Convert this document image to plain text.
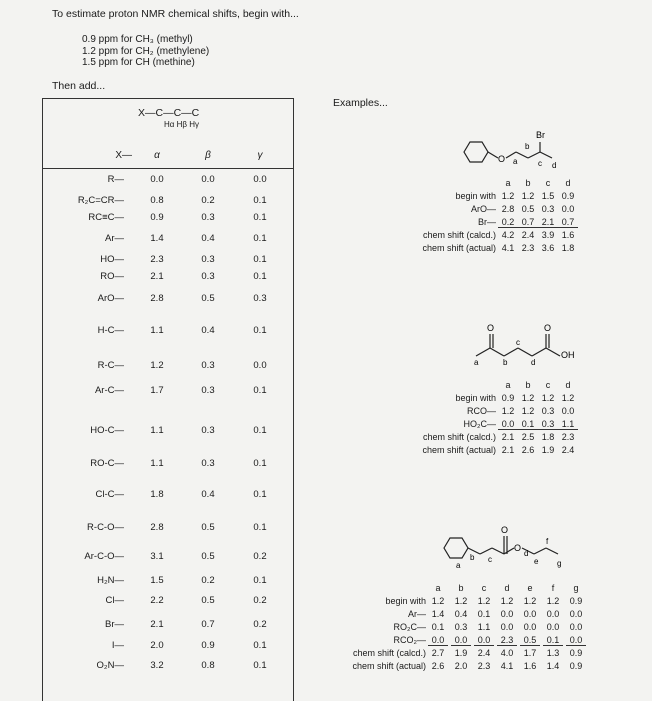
To estimate proton NMR chemical shifts, begin with...
0.9 ppm for CH₃ (methyl)
1.2 ppm for CH₂ (methylene)
1.5 ppm for CH (methine)
Then add...
X—C—C—C
Hα Hβ Hγ
X—	α	β	γ
R—	0.0	0.0	0.0
R₂C=CR—	0.8	0.2	0.1
RC≡C—	0.9	0.3	0.1
Ar—	1.4	0.4	0.1
HO—	2.3	0.3	0.1
RO—	2.1	0.3	0.1
ArO—	2.8	0.5	0.3
H-C—	1.1	0.4	0.1
R-C—	1.2	0.3	0.0
Ar-C—	1.7	0.3	0.1
HO-C—	1.1	0.3	0.1
RO-C—	1.1	0.3	0.1
Cl-C—	1.8	0.4	0.1
R-C-O—	2.8	0.5	0.1
Ar-C-O—	3.1	0.5	0.2
H₂N—	1.5	0.2	0.1
Cl—	2.2	0.5	0.2
Br—	2.1	0.7	0.2
I—	2.0	0.9	0.1
O₂N—	3.2	0.8	0.1
Examples...
O a
b
c d
Br
a	b	c	d
begin with 1.2 1.2 1.5 0.9
ArO— 2.8 0.5 0.3 0.0
Br— 0.2 0.7 2.1 0.7
chem shift (calcd.) 4.2 2.4 3.9 1.6
chem shift (actual) 4.1 2.3 3.6 1.8
O	O
OH
a	b
c
d
a	b	c	d
begin with 0.9 1.2 1.2 1.2
RCO— 1.2 1.2 0.3 0.0
HO₂C— 0.0 0.1 0.3 1.1
chem shift (calcd.) 2.1 2.5 1.8 2.3
chem shift (actual) 2.1 2.6 1.9 2.4
O
O
a
b c
d
e
f
g
a	b	c	d	e	f	g
begin with 1.2	1.2	1.2	1.2	1.2	1.2	0.9
Ar— 1.4	0.4	0.1	0.0	0.0	0.0	0.0
RO₂C— 0.1	0.3	1.1	0.0	0.0	0.0	0.0
RCO₂— 0.0	0.0	0.0	2.3	0.5	0.1	0.0
chem shift (calcd.) 2.7	1.9	2.4	4.0	1.7	1.3	0.9
chem shift (actual) 2.6	2.0	2.3	4.1	1.6	1.4	0.9
